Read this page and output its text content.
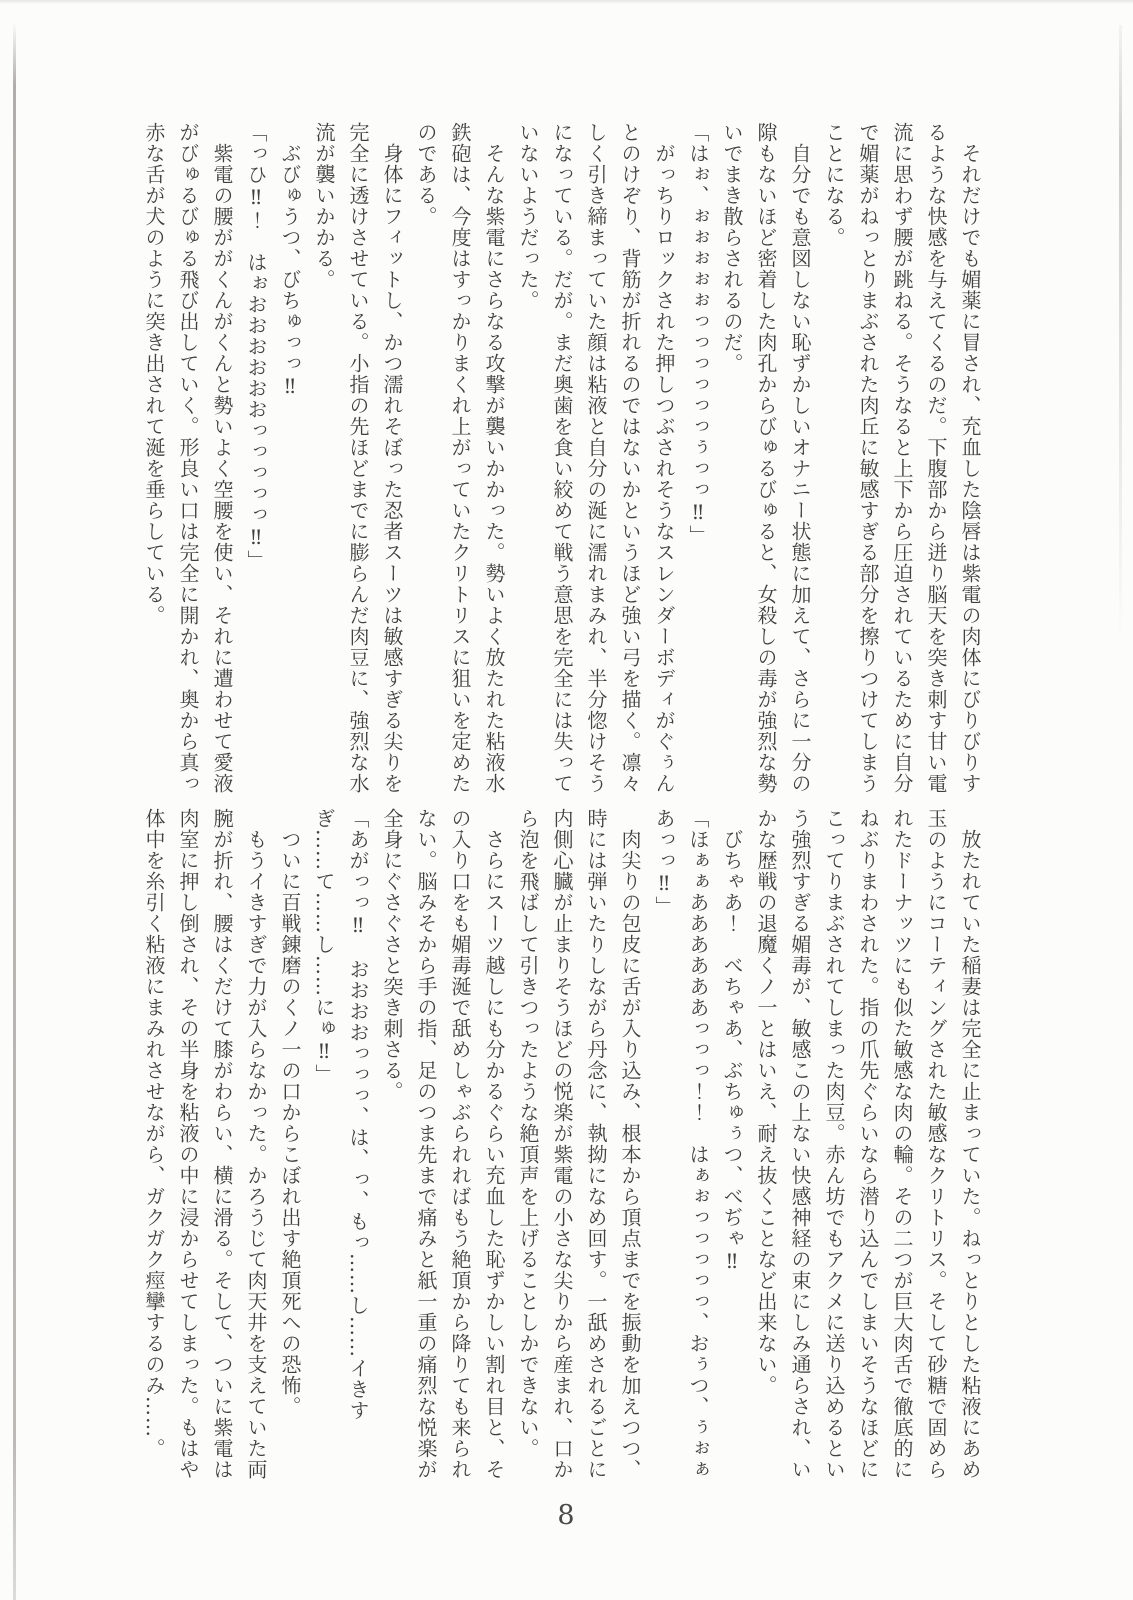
それだけでも媚薬に冒され、充血した陰唇は紫電の肉体にびりびりするような快感を与えてくるのだ。下腹部から迸り脳天を突き刺す甘い電流に思わず腰が跳ねる。そうなると上下から圧迫されているために自分で媚薬がねっとりまぶされた肉丘に敏感すぎる部分を擦りつけてしまうことになる。

自分でも意図しない恥ずかしいオナニー状態に加えて、さらに一分の隙もないほど密着した肉孔からびゅるびゅると、女殺しの毒が強烈な勢いでまき散らされるのだ。

「はぉ、ぉぉぉぉぉっっっっっっぅっっ‼」

がっちりロックされた押しつぶされそうなスレンダーボディがぐぅんとのけぞり、背筋が折れるのではないかというほど強い弓を描く。凛々しく引き締まっていた顔は粘液と自分の涎に濡れまみれ、半分惚けそうになっている。だが。まだ奥歯を食い絞めて戦う意思を完全には失っていないようだった。

そんな紫電にさらなる攻撃が襲いかかった。勢いよく放たれた粘液水鉄砲は、今度はすっかりまくれ上がっていたクリトリスに狙いを定めたのである。

身体にフィットし、かつ濡れそぼった忍者スーツは敏感すぎる尖りを完全に透けさせている。小指の先ほどまでに膨らんだ肉豆に、強烈な水流が襲いかかる。

ぶびゅうつ、びちゅっっ‼

「っひ‼！　はぉおおおおおおっっっっっ‼」

紫電の腰ががくんがくんと勢いよく空腰を使い、それに遭わせて愛液がびゅるびゅる飛び出していく。形良い口は完全に開かれ、奥から真っ赤な舌が犬のように突き出されて涎を垂らしている。

放たれていた稲妻は完全に止まっていた。ねっとりとした粘液にあめ玉のようにコーティングされた敏感なクリトリス。そして砂糖で固められたドーナッツにも似た敏感な肉の輪。その二つが巨大肉舌で徹底的にねぶりまわされた。指の爪先ぐらいなら潜り込んでしまいそうなほどにこってりまぶされてしまった肉豆。赤ん坊でもアクメに送り込めるという強烈すぎる媚毒が、敏感この上ない快感神経の束にしみ通らされ、いかな歴戦の退魔くノ一とはいえ、耐え抜くことなど出来ない。

びちゃあ！　べちゃあ、ぶちゅぅつ、べぢゃ‼

「ほぁぁああああああっっっ！！　はぁぉっっっっっ、おぅつ、ぅぉぁあっっ‼」

肉尖りの包皮に舌が入り込み、根本から頂点までを振動を加えつつ、時には弾いたりしながら丹念に、執拗になめ回す。一舐めされるごとに内側心臓が止まりそうほどの悦楽が紫電の小さな尖りから産まれ、口から泡を飛ばして引きつったような絶頂声を上げることしかできない。

さらにスーツ越しにも分かるぐらい充血した恥ずかしい割れ目と、その入り口をも媚毒涎で舐めしゃぶられればもう絶頂から降りても来られない。脳みそから手の指、足のつま先まで痛みと紙一重の痛烈な悦楽が全身にぐさぐさと突き刺さる。

「あがっっ‼　おおおおっっっ、は、っ、もっ……し……イきすぎ……て……し……にゅ‼」

ついに百戦錬磨のくノ一の口からこぼれ出す絶頂死への恐怖。

もうイきすぎで力が入らなかった。かろうじて肉天井を支えていた両腕が折れ、腰はくだけて膝がわらい、横に滑る。そして、ついに紫電は肉室に押し倒され、その半身を粘液の中に浸からせてしまった。もはや体中を糸引く粘液にまみれさせながら、ガクガク痙攣するのみ……。

8
